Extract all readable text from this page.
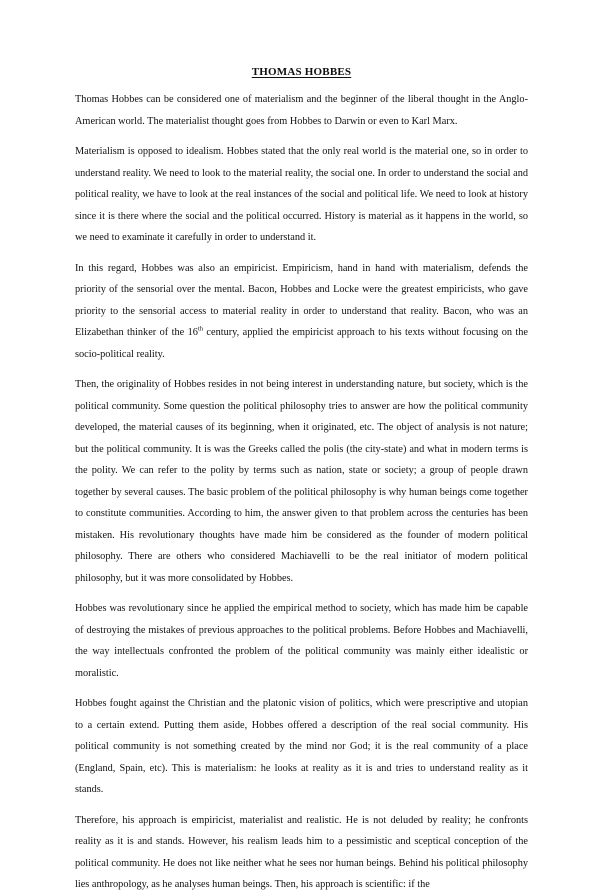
THOMAS HOBBES

Thomas Hobbes can be considered one of materialism and the beginner of the liberal thought in the Anglo-American world. The materialist thought goes from Hobbes to Darwin or even to Karl Marx.

Materialism is opposed to idealism. Hobbes stated that the only real world is the material one, so in order to understand reality. We need to look to the material reality, the social one. In order to understand the social and political reality, we have to look at the real instances of the social and political life. We need to look at history since it is there where the social and the political occurred. History is material as it happens in the world, so we need to examinate it carefully in order to understand it.

In this regard, Hobbes was also an empiricist. Empiricism, hand in hand with materialism, defends the priority of the sensorial over the mental. Bacon, Hobbes and Locke were the greatest empiricists, who gave priority to the sensorial access to material reality in order to understand that reality. Bacon, who was an Elizabethan thinker of the 16th century, applied the empiricist approach to his texts without focusing on the socio-political reality.

Then, the originality of Hobbes resides in not being interest in understanding nature, but society, which is the political community. Some question the political philosophy tries to answer are how the political community developed, the material causes of its beginning, when it originated, etc. The object of analysis is not nature; but the political community. It is was the Greeks called the polis (the city-state) and what in modern terms is the polity. We can refer to the polity by terms such as nation, state or society; a group of people drawn together by several causes. The basic problem of the political philosophy is why human beings come together to constitute communities. According to him, the answer given to that problem across the centuries has been mistaken. His revolutionary thoughts have made him be considered as the founder of modern political philosophy. There are others who considered Machiavelli to be the real initiator of modern political philosophy, but it was more consolidated by Hobbes.

Hobbes was revolutionary since he applied the empirical method to society, which has made him be capable of destroying the mistakes of previous approaches to the political problems. Before Hobbes and Machiavelli, the way intellectuals confronted the problem of the political community was mainly either idealistic or moralistic.

Hobbes fought against the Christian and the platonic vision of politics, which were prescriptive and utopian to a certain extend. Putting them aside, Hobbes offered a description of the real social community. His political community is not something created by the mind nor God; it is the real community of a place (England, Spain, etc). This is materialism: he looks at reality as it is and tries to understand reality as it stands.

Therefore, his approach is empiricist, materialist and realistic. He is not deluded by reality; he confronts reality as it is and stands. However, his realism leads him to a pessimistic and sceptical conception of the political community. He does not like neither what he sees nor human beings. Behind his political philosophy lies anthropology, as he analyses human beings. Then, his approach is scientific: if the
